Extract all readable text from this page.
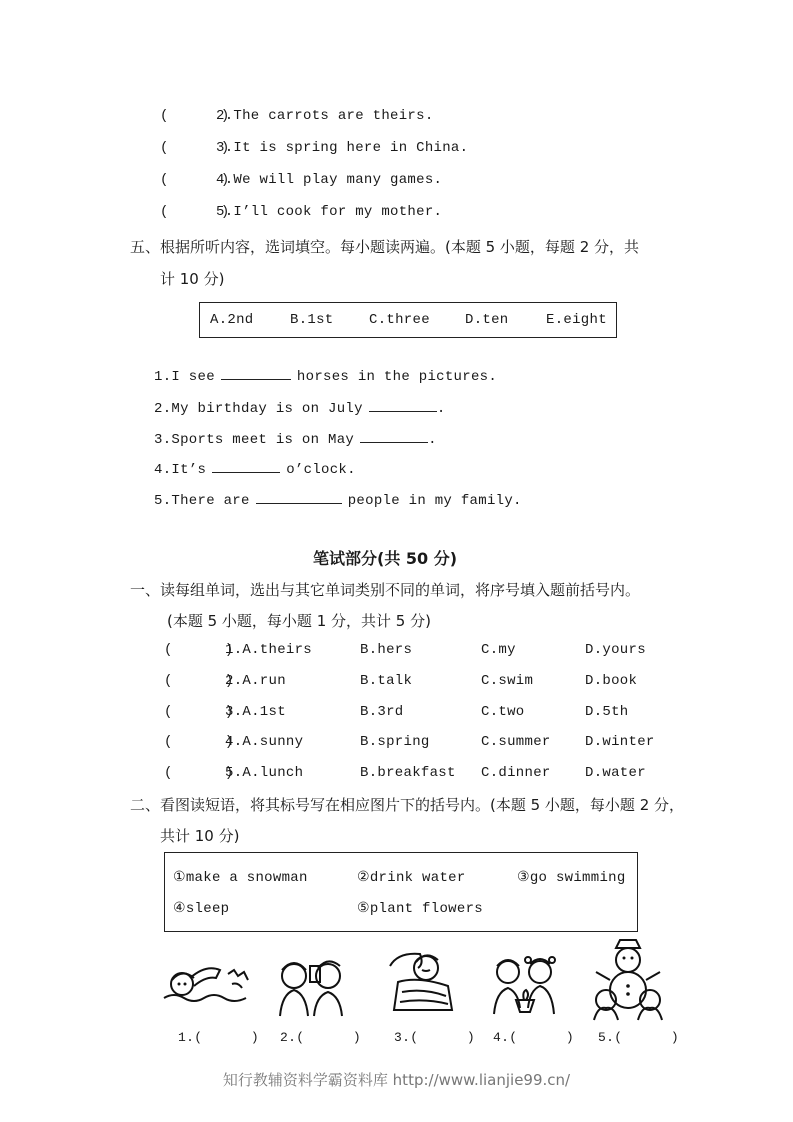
(      )
2.The carrots are theirs.
(      )
3.It is spring here in China.
(      )
4.We will play many games.
(      )
5.I’ll cook for my mother.
五、根据所听内容，选词填空。每小题读两遍。(本题 5 小题，每题 2 分，共
计 10 分)
A.2nd	B.1st	C.three	D.ten	E.eight
1.I see	horses in the pictures.
2.My birthday is on July	.
3.Sports meet is on May	.
4.It’s	o’clock.
5.There are	people in my family.
笔试部分(共 50 分)
一、读每组单词，选出与其它单词类别不同的单词，将序号填入题前括号内。
(本题 5 小题，每小题 1 分，共计 5 分)
(      )
1.A.theirs	B.hers	C.my	D.yours
(      )
2.A.run	B.talk	C.swim	D.book
(      )
3.A.1st	B.3rd	C.two	D.5th
(      )
4.A.sunny	B.spring	C.summer D.winter
(      )
5.A.lunch	B.breakfast C.dinner D.water
二、看图读短语，将其标号写在相应图片下的括号内。(本题 5 小题，每小题 2 分，
共计 10 分)
①make a snowman	②drink water	③go swimming
④sleep	⑤plant flowers
1.(      ) 2.(      )	3.(      ) 4.(      ) 5.(      )
知行教辅资料学霸资料库 http://www.lianjie99.cn/
